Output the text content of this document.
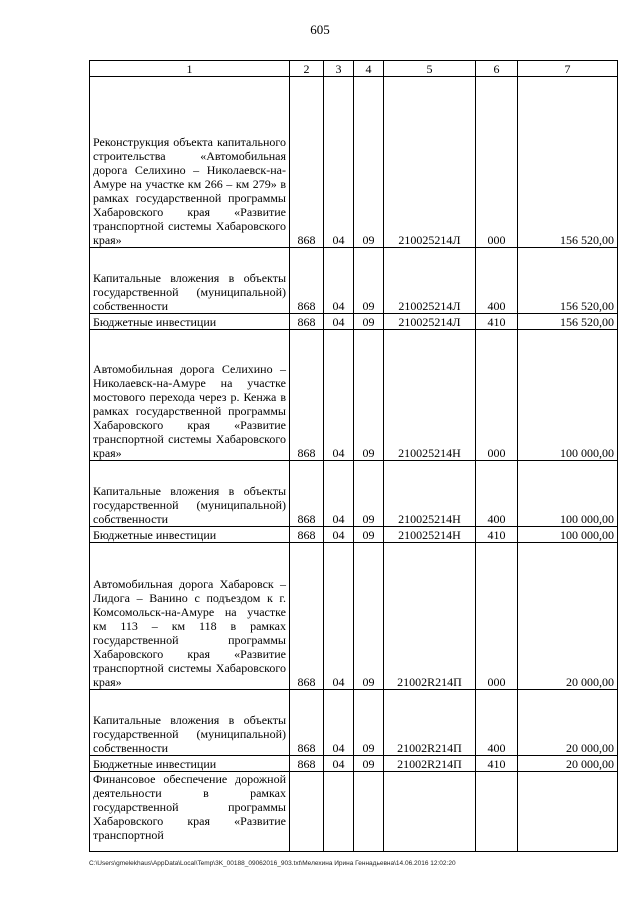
605
1	2	3	4	5	6	7

Реконструкция объекта капитального строительства «Автомобильная дорога Селихино – Николаевск-на-Амуре на участке км 266 – км 279» в рамках государственной программы Хабаровского края «Развитие транспортной системы Хабаровского края»	868	04	09	210025214Л	000	156 520,00

Капитальные вложения в объекты государственной (муниципальной) собственности	868	04	09	210025214Л	400	156 520,00

Бюджетные инвестиции	868	04	09	210025214Л	410	156 520,00

Автомобильная дорога Селихино – Николаевск-на-Амуре на участке мостового перехода через р. Кенжа в рамках государственной программы Хабаровского края «Развитие транспортной системы Хабаровского края»	868	04	09	210025214Н	000	100 000,00

Капитальные вложения в объекты государственной (муниципальной) собственности	868	04	09	210025214Н	400	100 000,00

Бюджетные инвестиции	868	04	09	210025214Н	410	100 000,00

Автомобильная дорога Хабаровск – Лидога – Ванино с подъездом к г. Комсомольск-на-Амуре на участке км 113 – км 118 в рамках государственной программы Хабаровского края «Развитие транспортной системы Хабаровского края»	868	04	09	21002R214П	000	20 000,00

Капитальные вложения в объекты государственной (муниципальной) собственности	868	04	09	21002R214П	400	20 000,00

Бюджетные инвестиции	868	04	09	21002R214П	410	20 000,00

Финансовое обеспечение дорожной деятельности в рамках государственной программы Хабаровского края «Развитие транспортной						

C:\Users\gmelekhaus\AppData\Local\Temp\3K_00188_09062016_903.txt\Мелехина Ирина Геннадьевна\14.06.2016 12:02:20
